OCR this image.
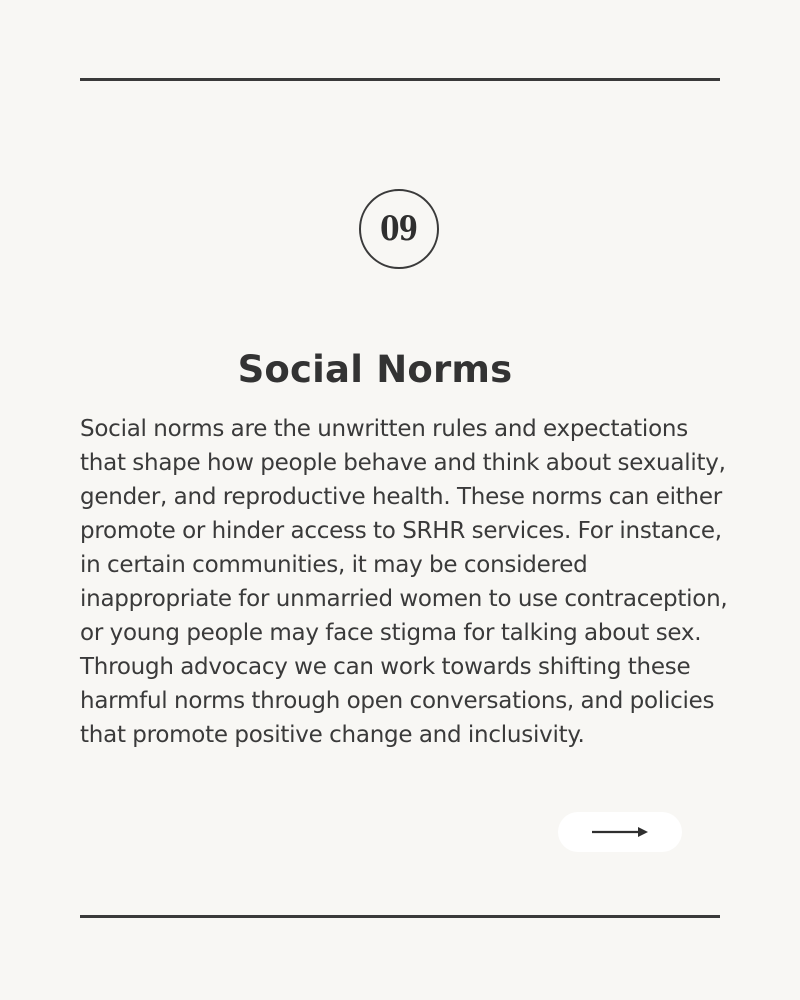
09
Social Norms

Social norms are the unwritten rules and expectations that shape how people behave and think about sexuality, gender, and reproductive health. These norms can either promote or hinder access to SRHR services. For instance, in certain communities, it may be considered inappropriate for unmarried women to use contraception, or young people may face stigma for talking about sex. Through advocacy we can work towards shifting these harmful norms through open conversations, and policies that promote positive change and inclusivity.
